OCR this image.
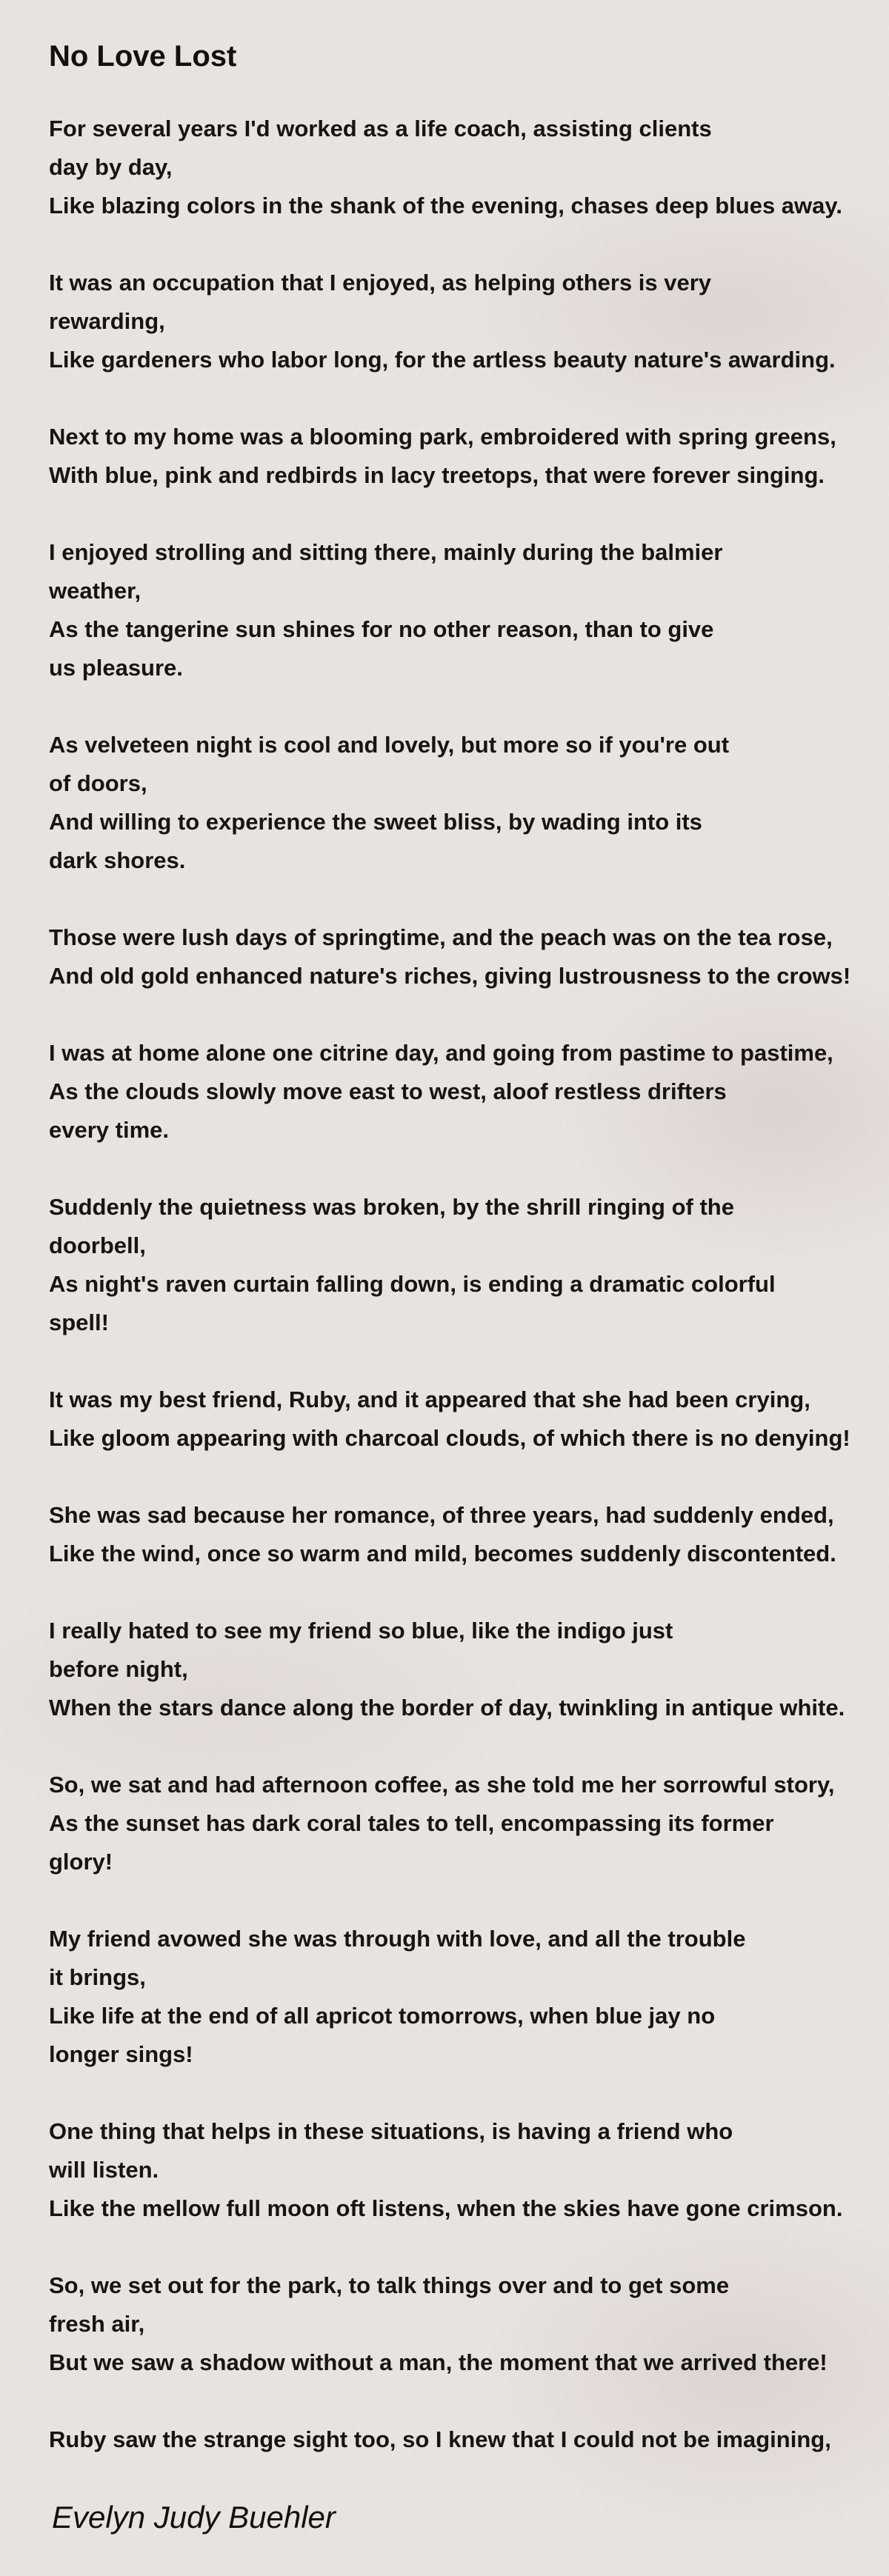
No Love Lost
For several years I'd worked as a life coach, assisting clients
day by day,
Like blazing colors in the shank of the evening, chases deep blues away.
It was an occupation that I enjoyed, as helping others is very
rewarding,
Like gardeners who labor long, for the artless beauty nature's awarding.
Next to my home was a blooming park, embroidered with spring greens,
With blue, pink and redbirds in lacy treetops, that were forever singing.
I enjoyed strolling and sitting there, mainly during the balmier
weather,
As the tangerine sun shines for no other reason, than to give
us pleasure.
As velveteen night is cool and lovely, but more so if you're out
of doors,
And willing to experience the sweet bliss, by wading into its
dark shores.
Those were lush days of springtime, and the peach was on the tea rose,
And old gold enhanced nature's riches, giving lustrousness to the crows!
I was at home alone one citrine day, and going from pastime to pastime,
As the clouds slowly move east to west, aloof restless drifters
every time.
Suddenly the quietness was broken, by the shrill ringing of the
doorbell,
As night's raven curtain falling down, is ending a dramatic colorful
spell!
It was my best friend, Ruby, and it appeared that she had been crying,
Like gloom appearing with charcoal clouds, of which there is no denying!
She was sad because her romance, of three years, had suddenly ended,
Like the wind, once so warm and mild, becomes suddenly discontented.
I really hated to see my friend so blue, like the indigo just
before night,
When the stars dance along the border of day, twinkling in antique white.
So, we sat and had afternoon coffee, as she told me her sorrowful story,
As the sunset has dark coral tales to tell, encompassing its former
glory!
My friend avowed she was through with love, and all the trouble
it brings,
Like life at the end of all apricot tomorrows, when blue jay no
longer sings!
One thing that helps in these situations, is having a friend who
will listen.
Like the mellow full moon oft listens, when the skies have gone crimson.
So, we set out for the park, to talk things over and to get some
fresh air,
But we saw a shadow without a man, the moment that we arrived there!
Ruby saw the strange sight too, so I knew that I could not be imagining,
Evelyn Judy Buehler
